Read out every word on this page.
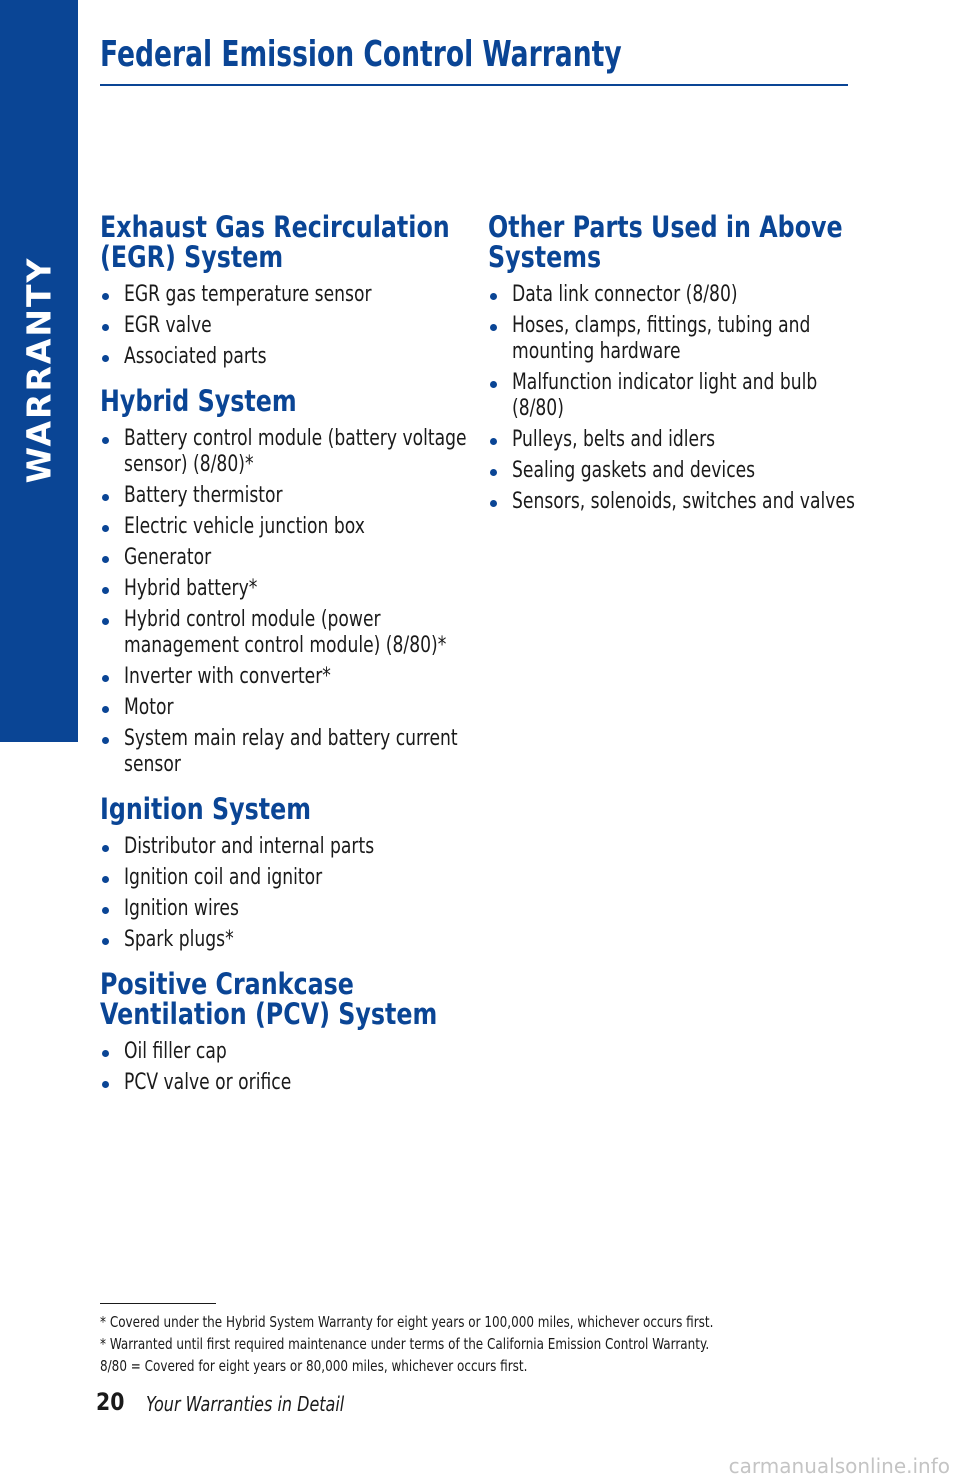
WARRANTY
Federal Emission Control Warranty
Exhaust Gas Recirculation (EGR) System
EGR gas temperature sensor
EGR valve
Associated parts
Hybrid System
Battery control module (battery voltage sensor) (8/80)*
Battery thermistor
Electric vehicle junction box
Generator
Hybrid battery*
Hybrid control module (power management control module) (8/80)*
Inverter with converter*
Motor
System main relay and battery current sensor
Ignition System
Distributor and internal parts
Ignition coil and ignitor
Ignition wires
Spark plugs*
Positive Crankcase Ventilation (PCV) System
Oil filler cap
PCV valve or orifice
Other Parts Used in Above Systems
Data link connector (8/80)
Hoses, clamps, fittings, tubing and mounting hardware
Malfunction indicator light and bulb (8/80)
Pulleys, belts and idlers
Sealing gaskets and devices
Sensors, solenoids, switches and valves

* Covered under the Hybrid System Warranty for eight years or 100,000 miles, whichever occurs first.

* Warranted until first required maintenance under terms of the California Emission Control Warranty.

8/80 = Covered for eight years or 80,000 miles, whichever occurs first.

20 Your Warranties in Detail
carmanualsonline.info
